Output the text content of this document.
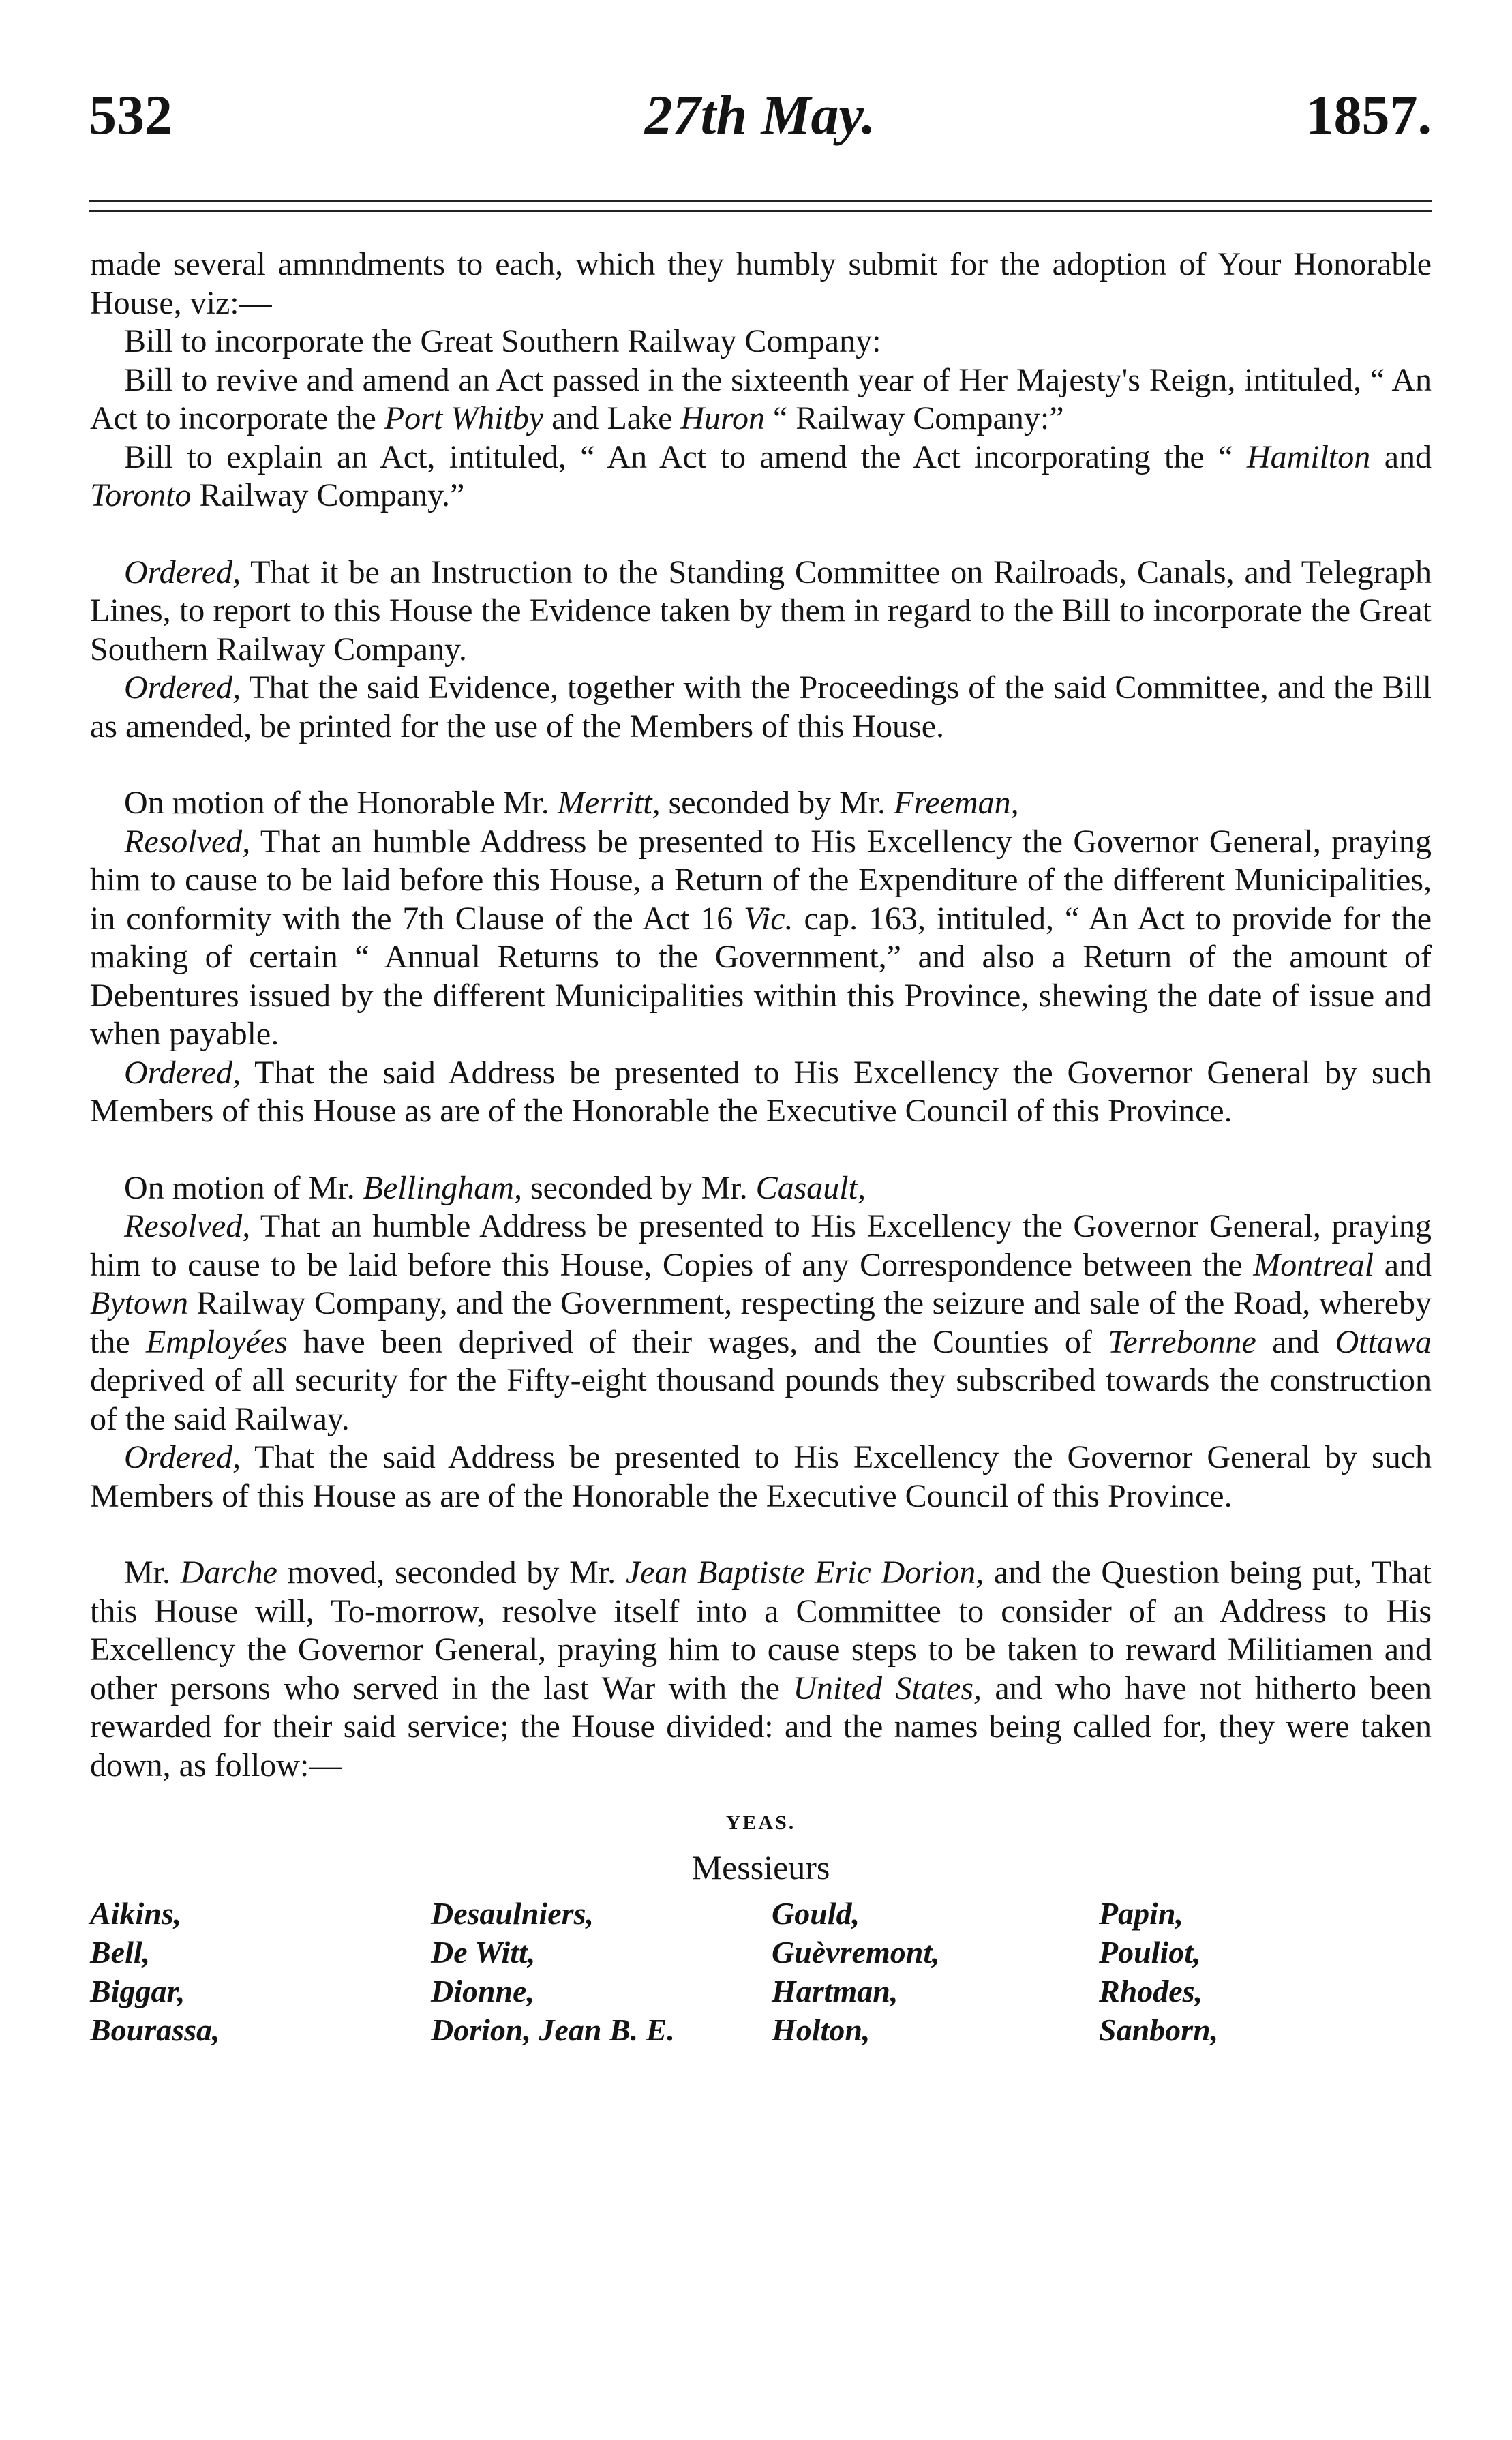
532	27th May.	1857.

made several amnndments to each, which they humbly submit for the adoption of Your Honorable House, viz:—

Bill to incorporate the Great Southern Railway Company:

Bill to revive and amend an Act passed in the sixteenth year of Her Majesty's Reign, intituled, “ An Act to incorporate the Port Whitby and Lake Huron “ Railway Company:”

Bill to explain an Act, intituled, “ An Act to amend the Act incorporating the “ Hamilton and Toronto Railway Company.”

Ordered, That it be an Instruction to the Standing Committee on Railroads, Canals, and Telegraph Lines, to report to this House the Evidence taken by them in regard to the Bill to incorporate the Great Southern Railway Company.

Ordered, That the said Evidence, together with the Proceedings of the said Committee, and the Bill as amended, be printed for the use of the Members of this House.

On motion of the Honorable Mr. Merritt, seconded by Mr. Freeman,

Resolved, That an humble Address be presented to His Excellency the Governor General, praying him to cause to be laid before this House, a Return of the Expenditure of the different Municipalities, in conformity with the 7th Clause of the Act 16 Vic. cap. 163, intituled, “ An Act to provide for the making of certain “ Annual Returns to the Government,” and also a Return of the amount of Debentures issued by the different Municipalities within this Province, shewing the date of issue and when payable.

Ordered, That the said Address be presented to His Excellency the Governor General by such Members of this House as are of the Honorable the Executive Council of this Province.

On motion of Mr. Bellingham, seconded by Mr. Casault,

Resolved, That an humble Address be presented to His Excellency the Governor General, praying him to cause to be laid before this House, Copies of any Correspondence between the Montreal and Bytown Railway Company, and the Government, respecting the seizure and sale of the Road, whereby the Employées have been deprived of their wages, and the Counties of Terrebonne and Ottawa deprived of all security for the Fifty-eight thousand pounds they subscribed towards the construction of the said Railway.

Ordered, That the said Address be presented to His Excellency the Governor General by such Members of this House as are of the Honorable the Executive Council of this Province.

Mr. Darche moved, seconded by Mr. Jean Baptiste Eric Dorion, and the Question being put, That this House will, To-morrow, resolve itself into a Committee to consider of an Address to His Excellency the Governor General, praying him to cause steps to be taken to reward Militiamen and other persons who served in the last War with the United States, and who have not hitherto been rewarded for their said service; the House divided: and the names being called for, they were taken down, as follow:—

YEAS.
Messieurs
Aikins,	Desaulniers,	Gould,	Papin,
Bell,	De Witt,	Guèvremont,	Pouliot,
Biggar,	Dionne,	Hartman,	Rhodes,
Bourassa,	Dorion, Jean B. E.	Holton,	Sanborn,
